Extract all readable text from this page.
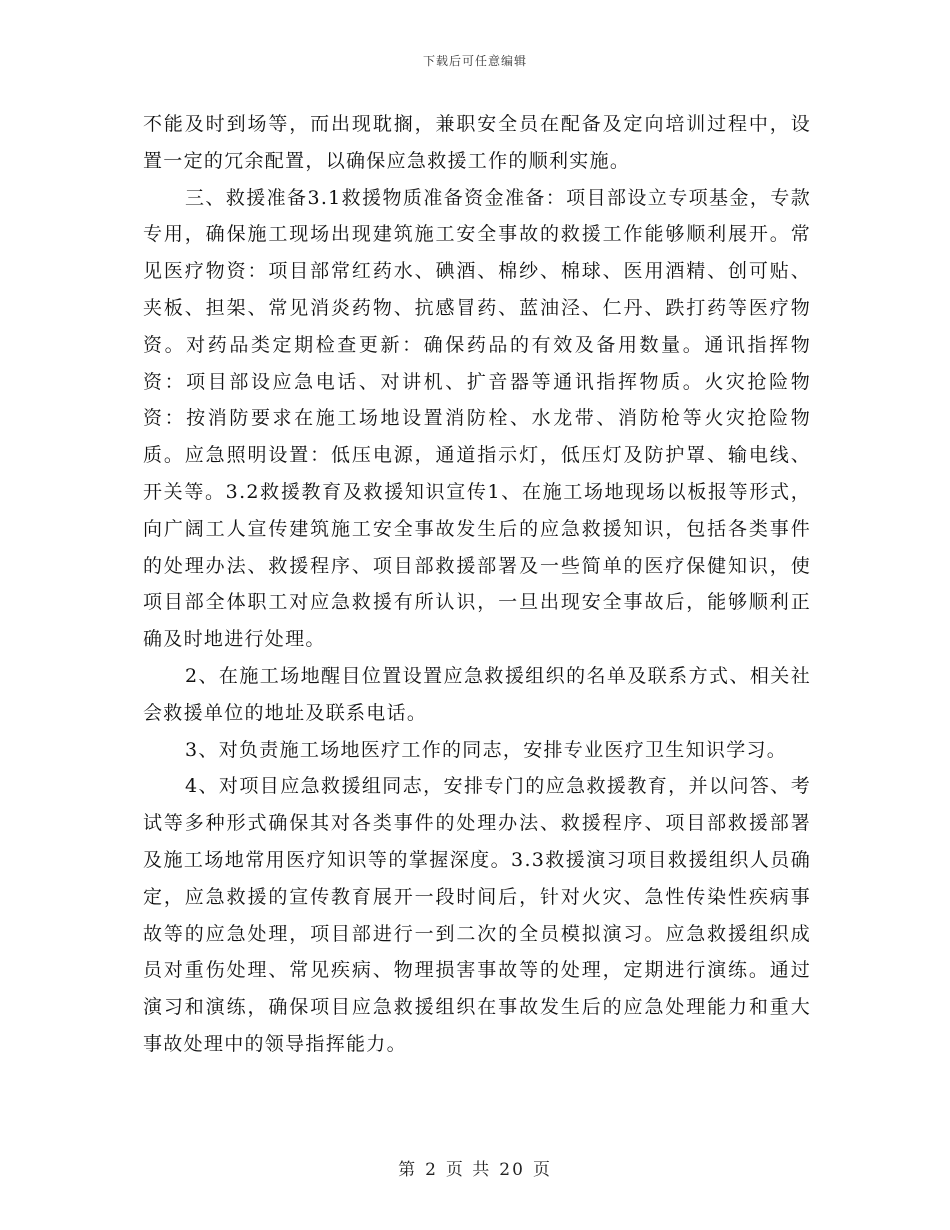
下载后可任意编辑

不能及时到场等，而出现耽搁，兼职安全员在配备及定向培训过程中，设置一定的冗余配置，以确保应急救援工作的顺利实施。

三、救援准备3.1救援物质准备资金准备：项目部设立专项基金，专款专用，确保施工现场出现建筑施工安全事故的救援工作能够顺利展开。常见医疗物资：项目部常红药水、碘酒、棉纱、棉球、医用酒精、创可贴、夹板、担架、常见消炎药物、抗感冒药、蓝油泾、仁丹、跌打药等医疗物资。对药品类定期检查更新：确保药品的有效及备用数量。通讯指挥物资：项目部设应急电话、对讲机、扩音器等通讯指挥物质。火灾抢险物资：按消防要求在施工场地设置消防栓、水龙带、消防枪等火灾抢险物质。应急照明设置：低压电源，通道指示灯，低压灯及防护罩、输电线、开关等。3.2救援教育及救援知识宣传1、在施工场地现场以板报等形式，向广阔工人宣传建筑施工安全事故发生后的应急救援知识，包括各类事件的处理办法、救援程序、项目部救援部署及一些简单的医疗保健知识，使项目部全体职工对应急救援有所认识，一旦出现安全事故后，能够顺利正确及时地进行处理。

2、在施工场地醒目位置设置应急救援组织的名单及联系方式、相关社会救援单位的地址及联系电话。

3、对负责施工场地医疗工作的同志，安排专业医疗卫生知识学习。

4、对项目应急救援组同志，安排专门的应急救援教育，并以问答、考试等多种形式确保其对各类事件的处理办法、救援程序、项目部救援部署及施工场地常用医疗知识等的掌握深度。3.3救援演习项目救援组织人员确定，应急救援的宣传教育展开一段时间后，针对火灾、急性传染性疾病事故等的应急处理，项目部进行一到二次的全员模拟演习。应急救援组织成员对重伤处理、常见疾病、物理损害事故等的处理，定期进行演练。通过演习和演练，确保项目应急救援组织在事故发生后的应急处理能力和重大事故处理中的领导指挥能力。

第 2 页 共 20 页
